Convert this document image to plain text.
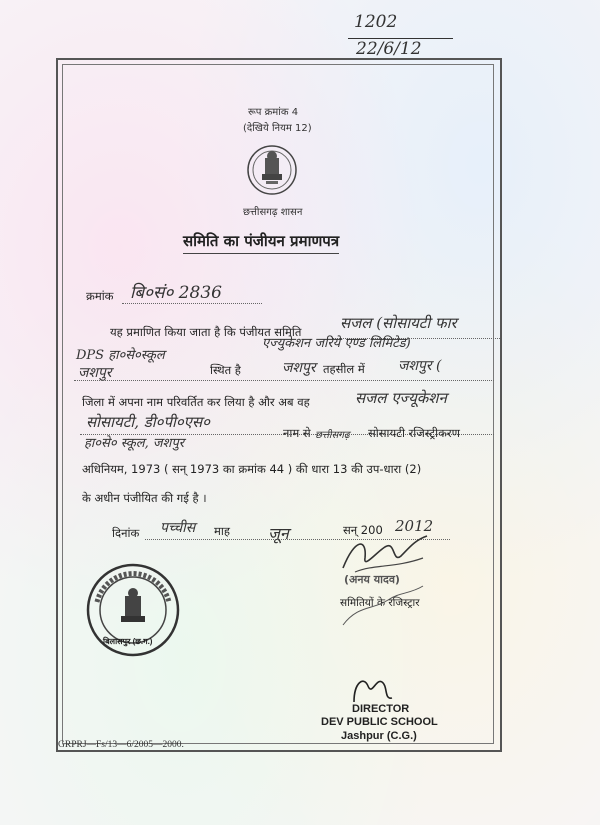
1202
22/6/12
रूप क्रमांक 4
(देखिये नियम 12)
छत्तीसगढ़ शासन
समिति का पंजीयन प्रमाणपत्र
क्रमांक बि०सं० 2836
यह प्रमाणित किया जाता है कि पंजीयत समिति	सजल (सोसायटी फार
DPS हा०से०स्कूल
एज्युकेशन जरिये एण्ड लिमिटेड)
जशपुर	स्थित है	जशपुर तहसील में जशपुर (
जिला में अपना नाम परिवर्तित कर लिया है और अब वह	सजल एज्यूकेशन
सोसायटी, डी०पी०एस०
हा०से० स्कूल, जशपुर
नाम से छत्तीसगढ़ सोसायटी रजिस्ट्रीकरण
अधिनियम, 1973 ( सन् 1973 का क्रमांक 44 ) की धारा 13 की उप-धारा (2)
के अधीन पंजीयित की गई है ।
दिनांक पच्चीस माह जून	सन् 200 2012
(अनय यादव)
समितियों के रजिस्ट्रार
बिलासपुर (छ.ग.)
DIRECTOR
DEV PUBLIC SCHOOL
Jashpur (C.G.)
GRPRJ—Fs/13—6/2005—2000.
